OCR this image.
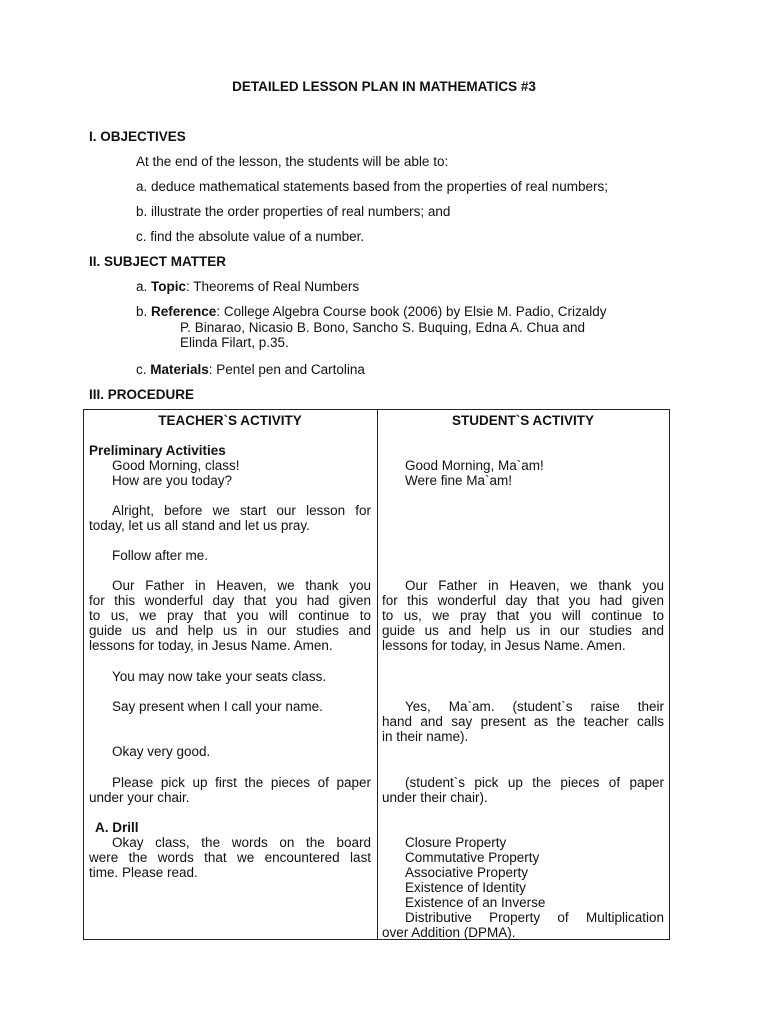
DETAILED LESSON PLAN IN MATHEMATICS #3
I. OBJECTIVES
At the end of the lesson, the students will be able to:
a. deduce mathematical statements based from the properties of real numbers;
b. illustrate the order properties of real numbers; and
c. find the absolute value of a number.
II. SUBJECT MATTER
a. Topic: Theorems of Real Numbers
b. Reference: College Algebra Course book (2006) by Elsie M. Padio, Crizaldy
P. Binarao, Nicasio B. Bono, Sancho S. Buquing, Edna A. Chua and
Elinda Filart, p.35.
c. Materials: Pentel pen and Cartolina
III. PROCEDURE
TEACHER`S ACTIVITY
Preliminary Activities
Good Morning, class!
How are you today?
Alright, before we start our lesson for
today, let us all stand and let us pray.
Follow after me.
Our Father in Heaven, we thank you
for this wonderful day that you had given
to us, we pray that you will continue to
guide us and help us in our studies and
lessons for today, in Jesus Name. Amen.
You may now take your seats class.
Say present when I call your name.
Okay very good.
Please pick up first the pieces of paper
under your chair.
A. Drill
Okay class, the words on the board
were the words that we encountered last
time. Please read.
STUDENT`S ACTIVITY
Good Morning, Ma`am!
Were fine Ma`am!
Our Father in Heaven, we thank you
for this wonderful day that you had given
to us, we pray that you will continue to
guide us and help us in our studies and
lessons for today, in Jesus Name. Amen.
Yes, Ma`am. (student`s raise their
hand and say present as the teacher calls
in their name).
(student`s pick up the pieces of paper
under their chair).
Closure Property
Commutative Property
Associative Property
Existence of Identity
Existence of an Inverse
Distributive Property of Multiplication
over Addition (DPMA).
